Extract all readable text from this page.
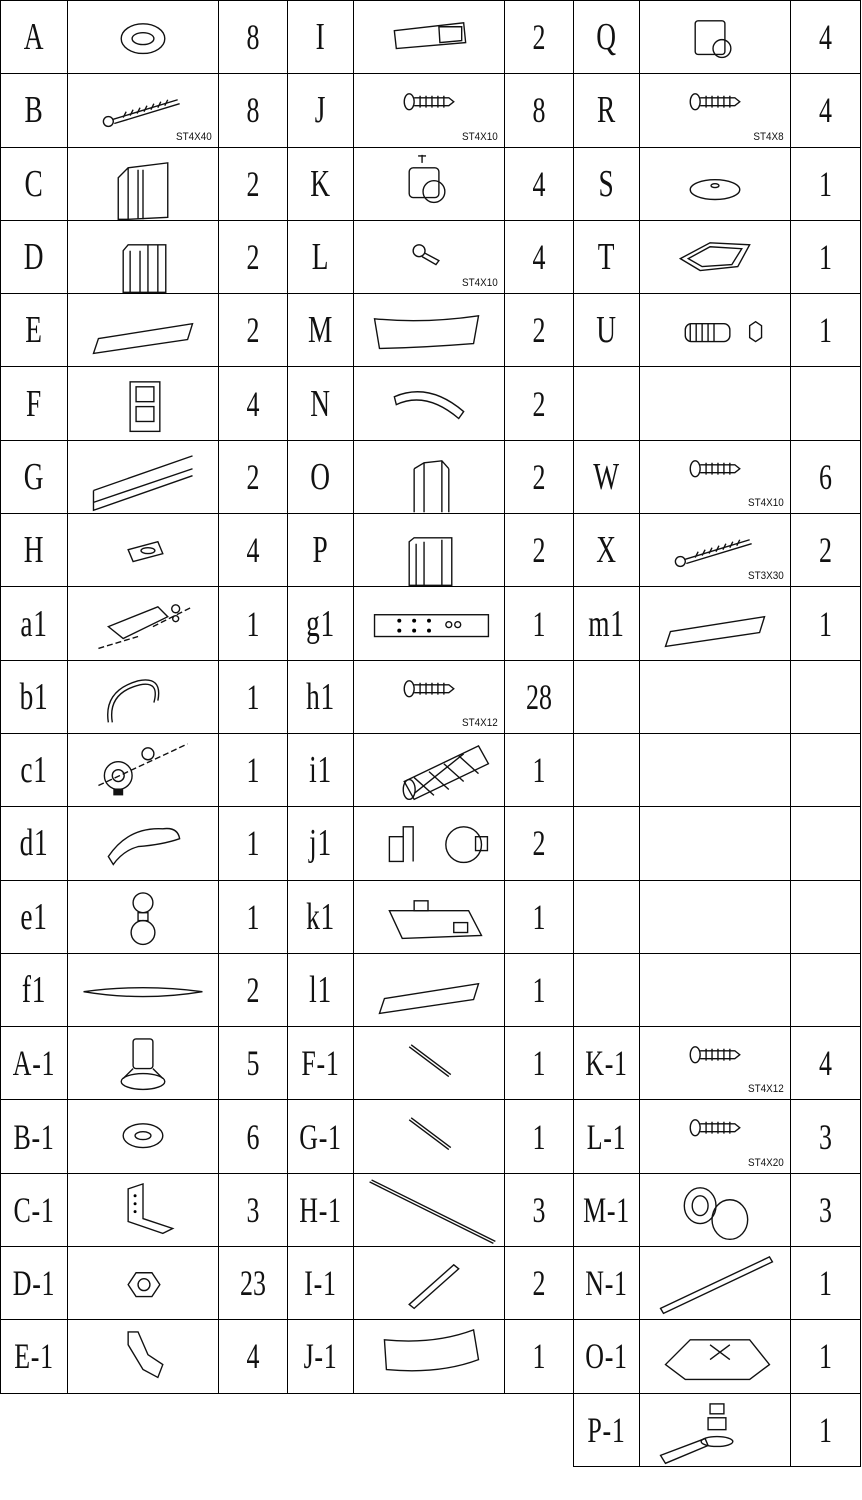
A		8	I		2	Q		4

B	ST4X40	8	J	ST4X10	8	R	ST4X8	4

C		2	K		4	S		1

D		2	L	ST4X10	4	T		1

E		2	M		2	U		1

F		4	N		2			

G		2	O		2	W	ST4X10	6

H		4	P		2	X	ST3X30	2

a1		1	g1		1	m1		1

b1		1	h1	ST4X12	28			

c1		1	i1		1			

d1		1	j1		2			

e1		1	k1		1			

f1		2	l1		1			

A-1		5	F-1		1	K-1	ST4X12	4

B-1		6	G-1		1	L-1	ST4X20	3

C-1		3	H-1		3	M-1		3

D-1		23	I-1		2	N-1		1

E-1		4	J-1		1	O-1		1

						P-1		1
